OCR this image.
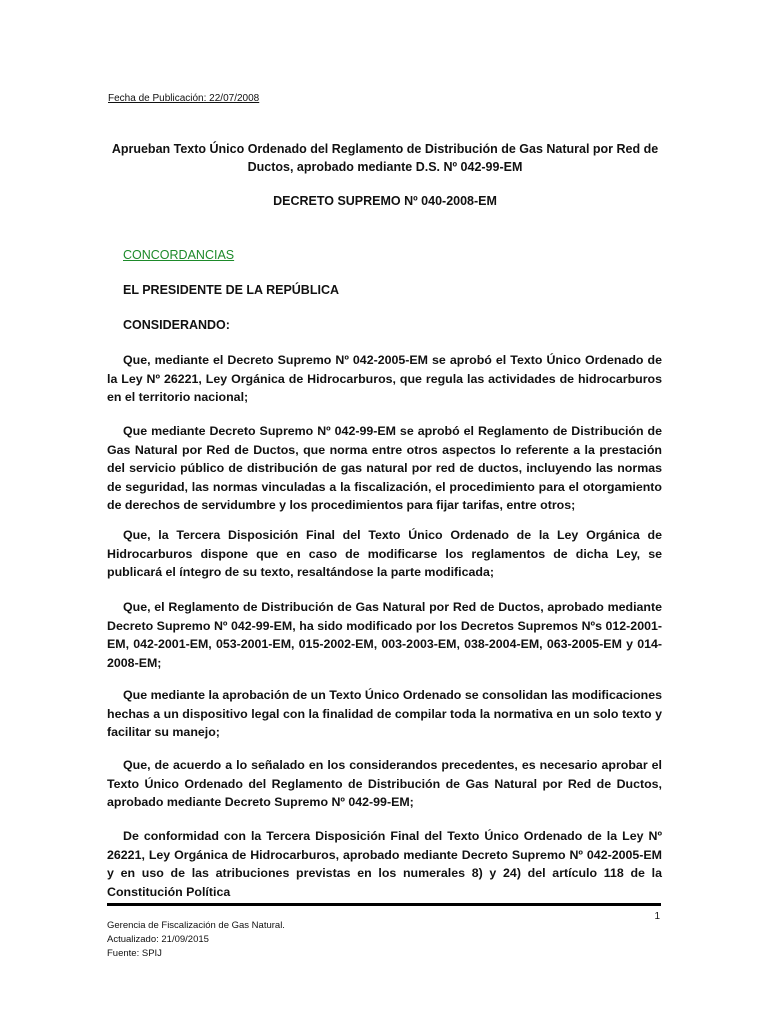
Fecha de Publicación: 22/07/2008
Aprueban Texto Único Ordenado del Reglamento de Distribución de Gas Natural por Red de Ductos, aprobado mediante D.S. Nº 042-99-EM
DECRETO SUPREMO Nº 040-2008-EM
CONCORDANCIAS
EL PRESIDENTE DE LA REPÚBLICA
CONSIDERANDO:

Que, mediante el Decreto Supremo Nº 042-2005-EM se aprobó el Texto Único Ordenado de la Ley Nº 26221, Ley Orgánica de Hidrocarburos, que regula las actividades de hidrocarburos en el territorio nacional;

Que mediante Decreto Supremo Nº 042-99-EM se aprobó el Reglamento de Distribución de Gas Natural por Red de Ductos, que norma entre otros aspectos lo referente a la prestación del servicio público de distribución de gas natural por red de ductos, incluyendo las normas de seguridad, las normas vinculadas a la fiscalización, el procedimiento para el otorgamiento de derechos de servidumbre y los procedimientos para fijar tarifas, entre otros;

Que, la Tercera Disposición Final del Texto Único Ordenado de la Ley Orgánica de Hidrocarburos dispone que en caso de modificarse los reglamentos de dicha Ley, se publicará el íntegro de su texto, resaltándose la parte modificada;

Que, el Reglamento de Distribución de Gas Natural por Red de Ductos, aprobado mediante Decreto Supremo Nº 042-99-EM, ha sido modificado por los Decretos Supremos Nºs 012-2001-EM, 042-2001-EM, 053-2001-EM, 015-2002-EM, 003-2003-EM, 038-2004-EM, 063-2005-EM y 014-2008-EM;

Que mediante la aprobación de un Texto Único Ordenado se consolidan las modificaciones hechas a un dispositivo legal con la finalidad de compilar toda la normativa en un solo texto y facilitar su manejo;

Que, de acuerdo a lo señalado en los considerandos precedentes, es necesario aprobar el Texto Único Ordenado del Reglamento de Distribución de Gas Natural por Red de Ductos, aprobado mediante Decreto Supremo Nº 042-99-EM;

De conformidad con la Tercera Disposición Final del Texto Único Ordenado de la Ley Nº 26221, Ley Orgánica de Hidrocarburos, aprobado mediante Decreto Supremo Nº 042-2005-EM y en uso de las atribuciones previstas en los numerales 8) y 24) del artículo 118 de la Constitución Política

1
Gerencia de Fiscalización de Gas Natural.
Actualizado: 21/09/2015
Fuente: SPIJ
